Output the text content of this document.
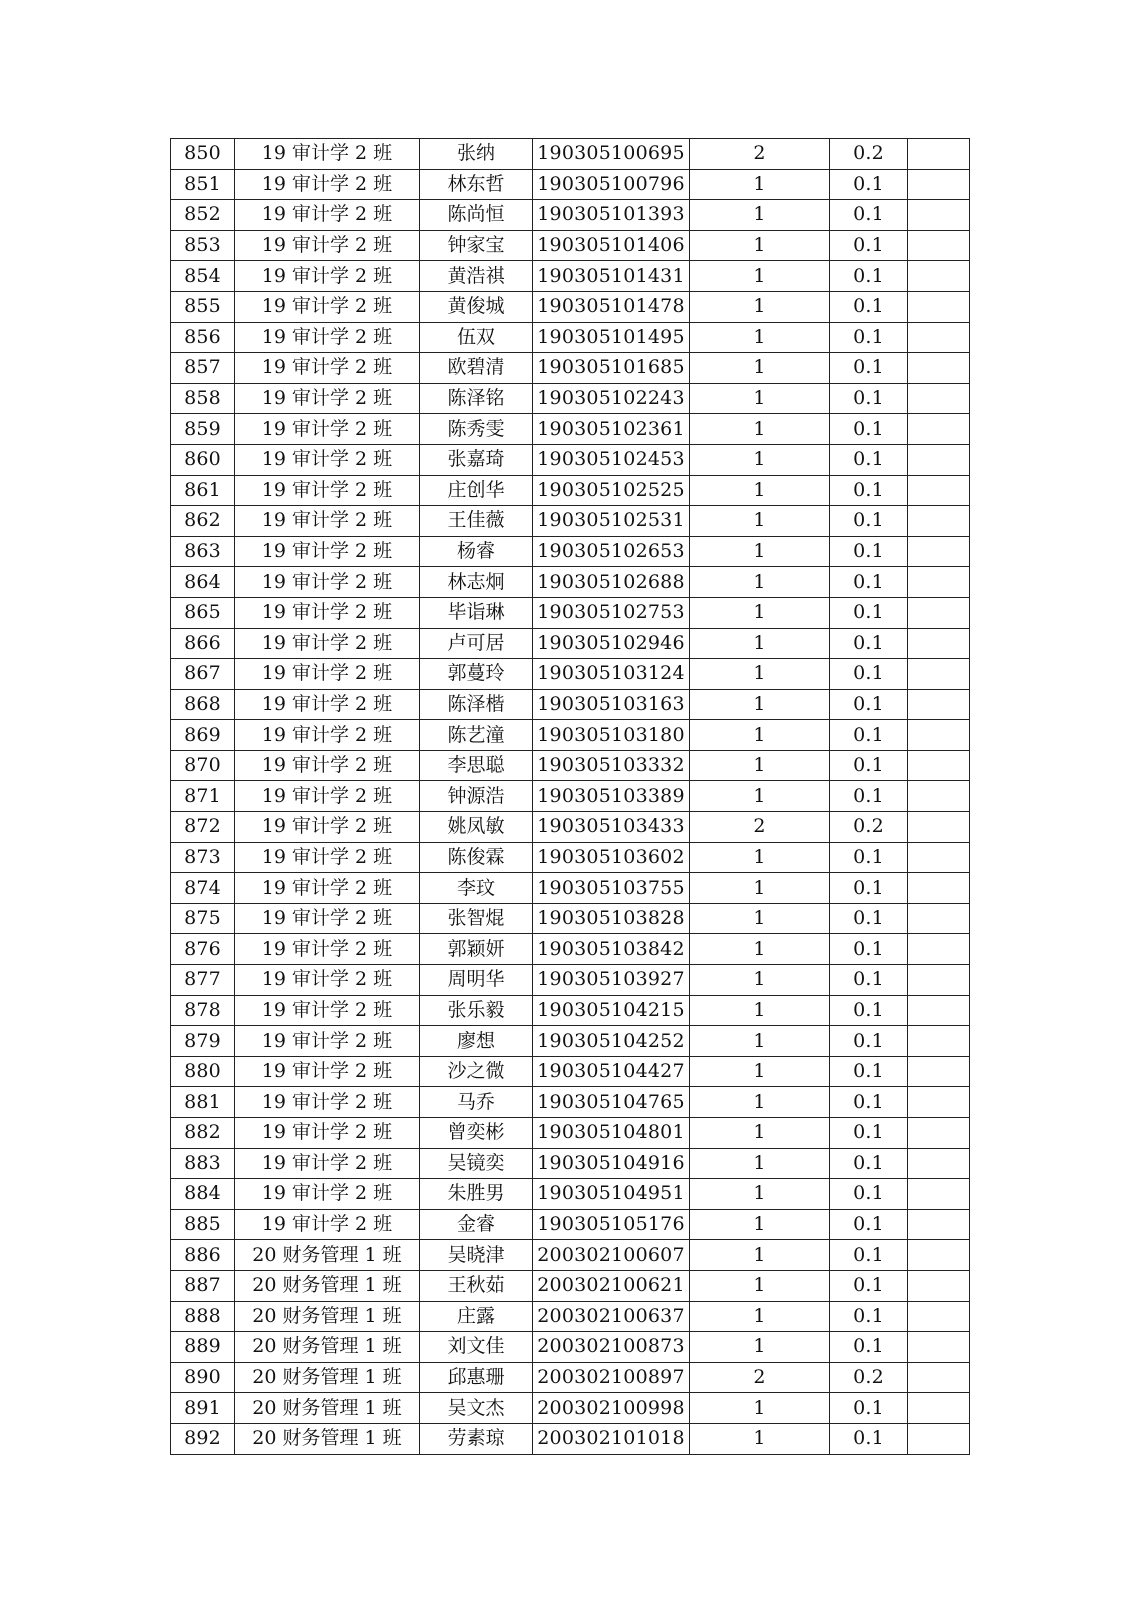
850	19 审计学 2 班	张纳	190305100695	2	0.2	
851	19 审计学 2 班	林东哲	190305100796	1	0.1	
852	19 审计学 2 班	陈尚恒	190305101393	1	0.1	
853	19 审计学 2 班	钟家宝	190305101406	1	0.1	
854	19 审计学 2 班	黄浩祺	190305101431	1	0.1	
855	19 审计学 2 班	黄俊城	190305101478	1	0.1	
856	19 审计学 2 班	伍双	190305101495	1	0.1	
857	19 审计学 2 班	欧碧清	190305101685	1	0.1	
858	19 审计学 2 班	陈泽铭	190305102243	1	0.1	
859	19 审计学 2 班	陈秀雯	190305102361	1	0.1	
860	19 审计学 2 班	张嘉琦	190305102453	1	0.1	
861	19 审计学 2 班	庄创华	190305102525	1	0.1	
862	19 审计学 2 班	王佳薇	190305102531	1	0.1	
863	19 审计学 2 班	杨睿	190305102653	1	0.1	
864	19 审计学 2 班	林志炯	190305102688	1	0.1	
865	19 审计学 2 班	毕诣琳	190305102753	1	0.1	
866	19 审计学 2 班	卢可居	190305102946	1	0.1	
867	19 审计学 2 班	郭蔓玲	190305103124	1	0.1	
868	19 审计学 2 班	陈泽楷	190305103163	1	0.1	
869	19 审计学 2 班	陈艺潼	190305103180	1	0.1	
870	19 审计学 2 班	李思聪	190305103332	1	0.1	
871	19 审计学 2 班	钟源浩	190305103389	1	0.1	
872	19 审计学 2 班	姚凤敏	190305103433	2	0.2	
873	19 审计学 2 班	陈俊霖	190305103602	1	0.1	
874	19 审计学 2 班	李玟	190305103755	1	0.1	
875	19 审计学 2 班	张智焜	190305103828	1	0.1	
876	19 审计学 2 班	郭颖妍	190305103842	1	0.1	
877	19 审计学 2 班	周明华	190305103927	1	0.1	
878	19 审计学 2 班	张乐毅	190305104215	1	0.1	
879	19 审计学 2 班	廖想	190305104252	1	0.1	
880	19 审计学 2 班	沙之微	190305104427	1	0.1	
881	19 审计学 2 班	马乔	190305104765	1	0.1	
882	19 审计学 2 班	曾奕彬	190305104801	1	0.1	
883	19 审计学 2 班	吴镜奕	190305104916	1	0.1	
884	19 审计学 2 班	朱胜男	190305104951	1	0.1	
885	19 审计学 2 班	金睿	190305105176	1	0.1	
886	20 财务管理 1 班	吴晓津	200302100607	1	0.1	
887	20 财务管理 1 班	王秋茹	200302100621	1	0.1	
888	20 财务管理 1 班	庄露	200302100637	1	0.1	
889	20 财务管理 1 班	刘文佳	200302100873	1	0.1	
890	20 财务管理 1 班	邱惠珊	200302100897	2	0.2	
891	20 财务管理 1 班	吴文杰	200302100998	1	0.1	
892	20 财务管理 1 班	劳素琼	200302101018	1	0.1	
